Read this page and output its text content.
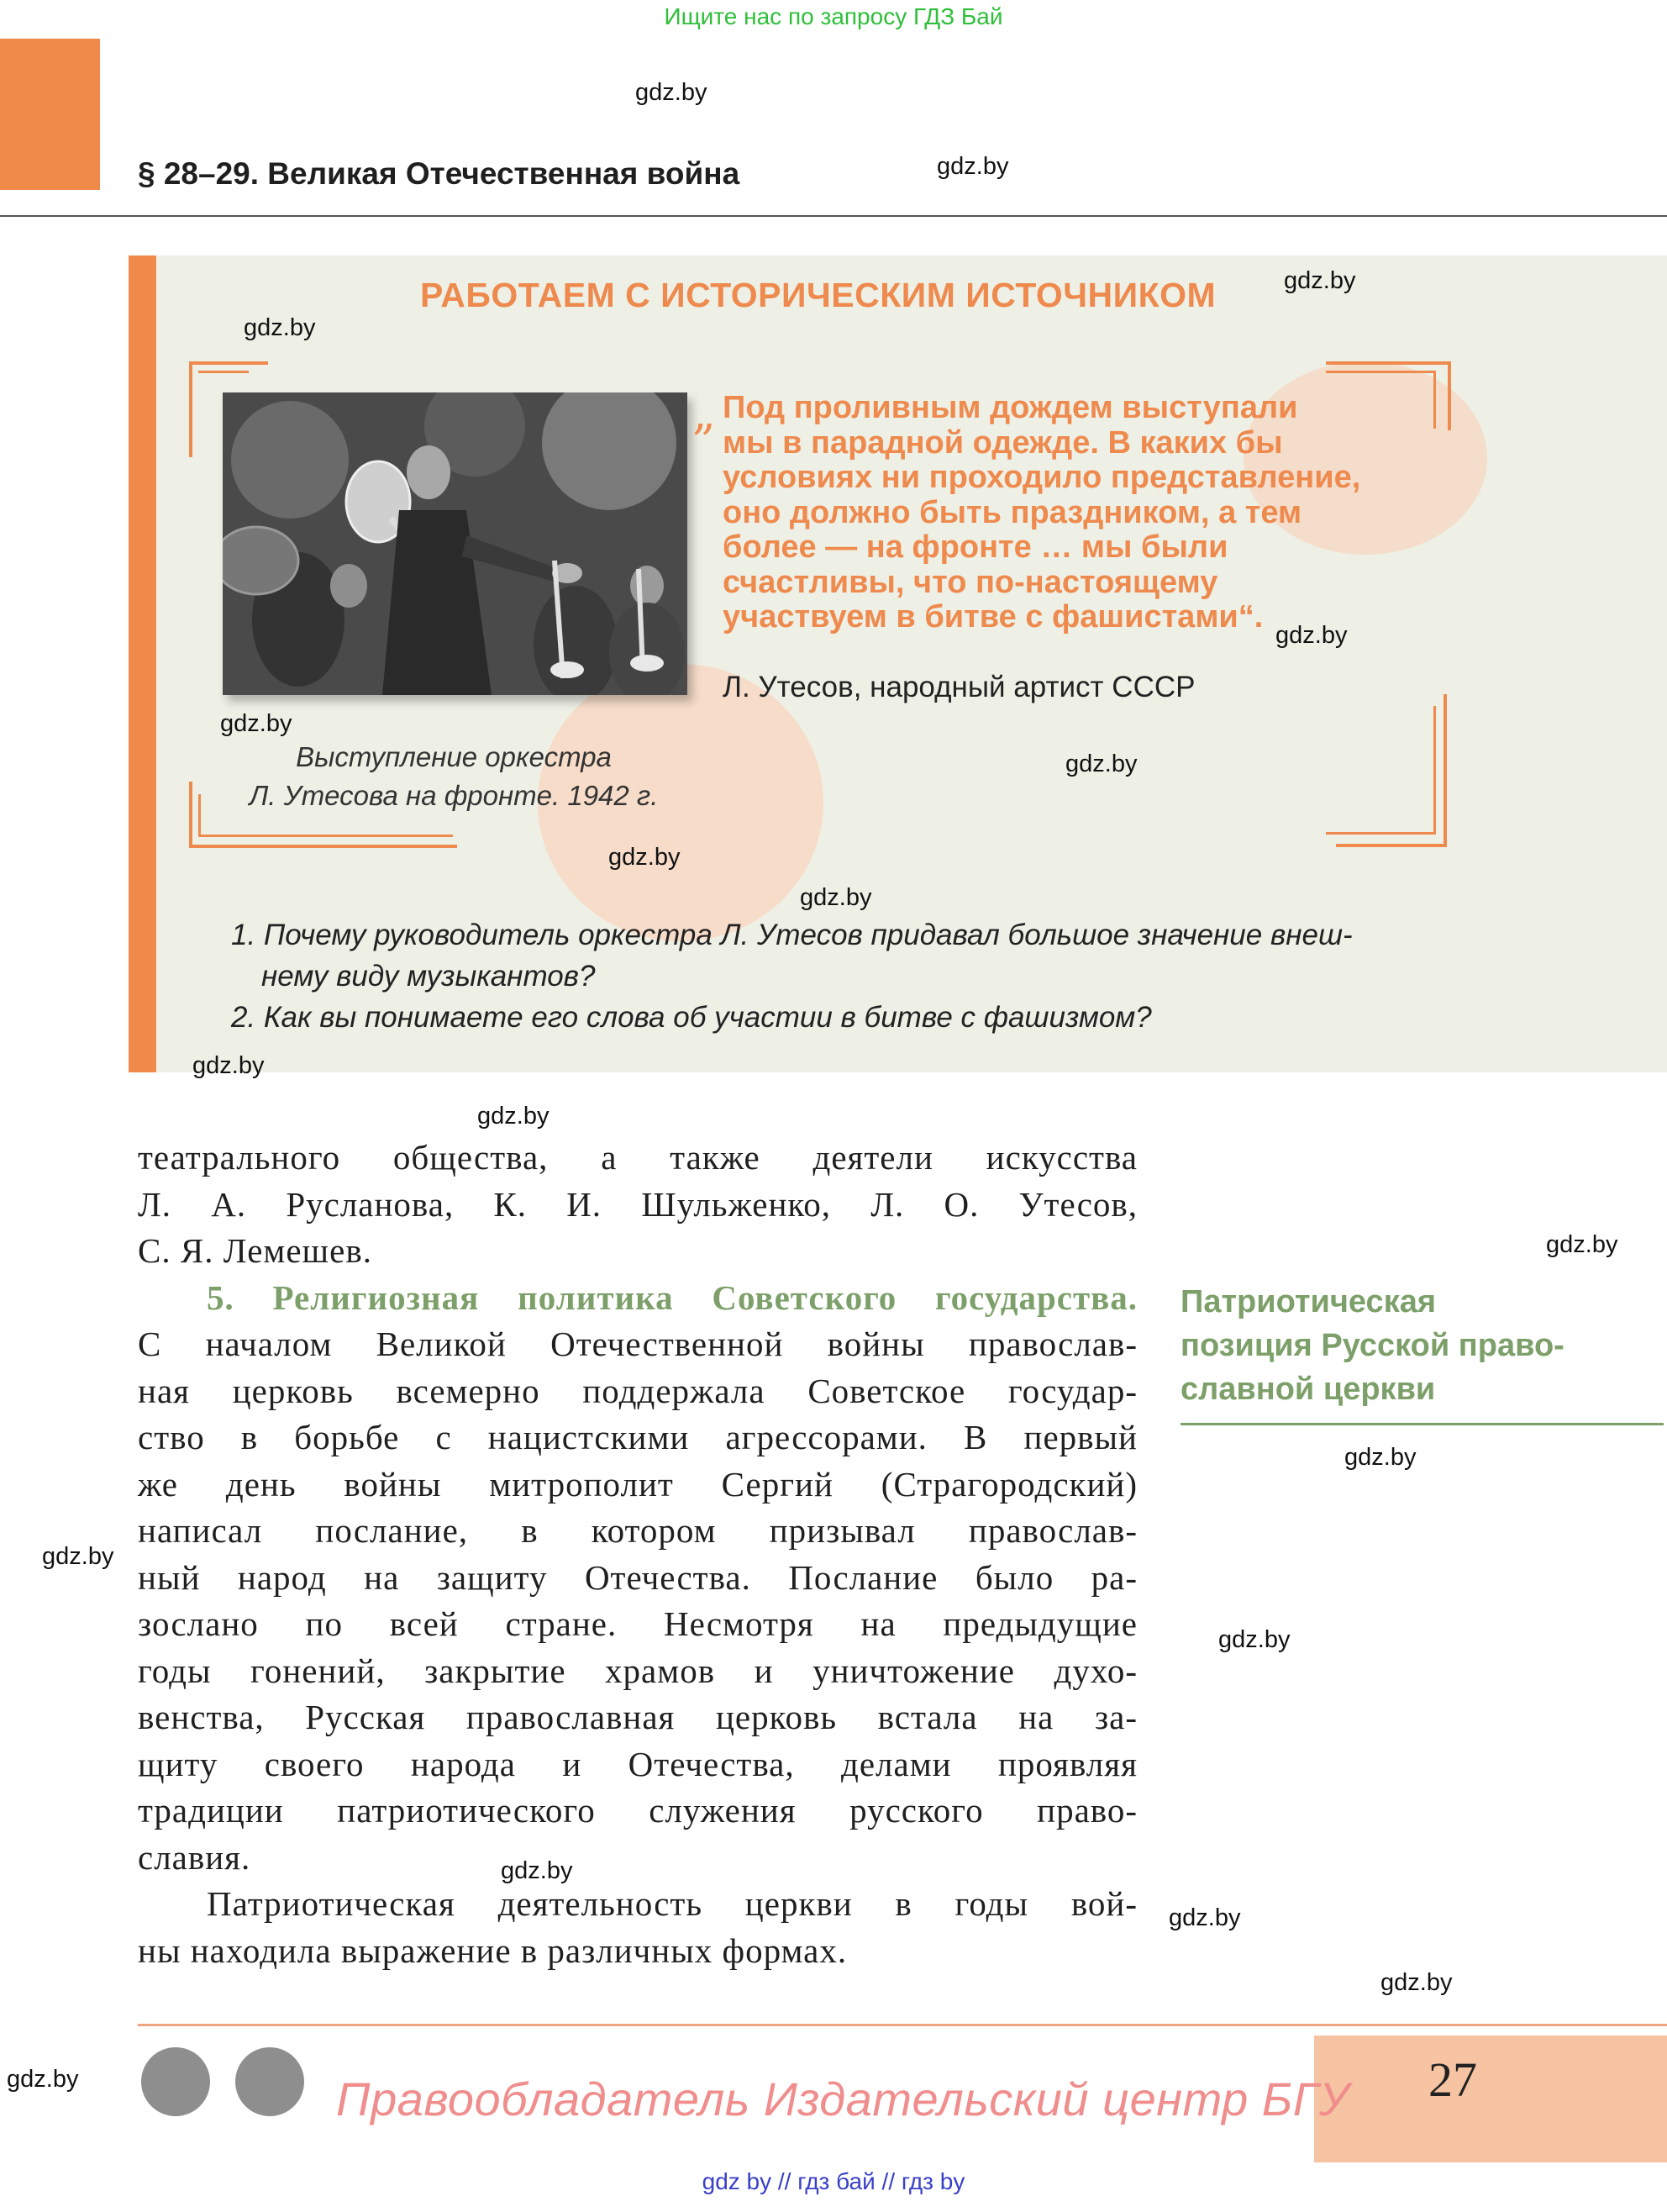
Ищите нас по запросу ГДЗ Бай
§ 28–29. Великая Отечественная война
РАБОТАЕМ С ИСТОРИЧЕСКИМ ИСТОЧНИКОМ
Выступление оркестра
Л. Утесова на фронте. 1942 г.
„ Под проливным дождем выступали
мы в парадной одежде. В каких бы
условиях ни проходило представление,
оно должно быть праздником, а тем
более — на фронте … мы были
счастливы, что по-настоящему
участвуем в битве с фашистами“.
Л. Утесов, народный артист СССР
1. Почему руководитель оркестра Л. Утесов придавал большое значение внеш-
нему виду музыкантов?
2. Как вы понимаете его слова об участии в битве с фашизмом?
театрального общества, а также деятели искусства
Л. А. Русланова, К. И. Шульженко, Л. О. Утесов,
С. Я. Лемешев.
5. Религиозная политика Советского государства.
С началом Великой Отечественной войны православ-
ная церковь всемерно поддержала Советское государ-
ство в борьбе с нацистскими агрессорами. В первый
же день войны митрополит Сергий (Страгородский)
написал послание, в котором призывал православ-
ный народ на защиту Отечества. Послание было ра-
зослано по всей стране. Несмотря на предыдущие
годы гонений, закрытие храмов и уничтожение духо-
венства, Русская православная церковь встала на за-
щиту своего народа и Отечества, делами проявляя
традиции патриотического служения русского право-
славия.
Патриотическая деятельность церкви в годы вой-
ны находила выражение в различных формах.
Патриотическая
позиция Русской право-
славной церкви
Правообладатель Издательский центр БГУ 27
gdz by // гдз бай // гдз by
gdz.by
gdz.by
gdz.by
gdz.by
gdz.by
gdz.by
gdz.by
gdz.by
gdz.by
gdz.by
gdz.by
gdz.by
gdz.by
gdz.by
gdz.by
gdz.by
gdz.by
gdz.by
gdz.by
